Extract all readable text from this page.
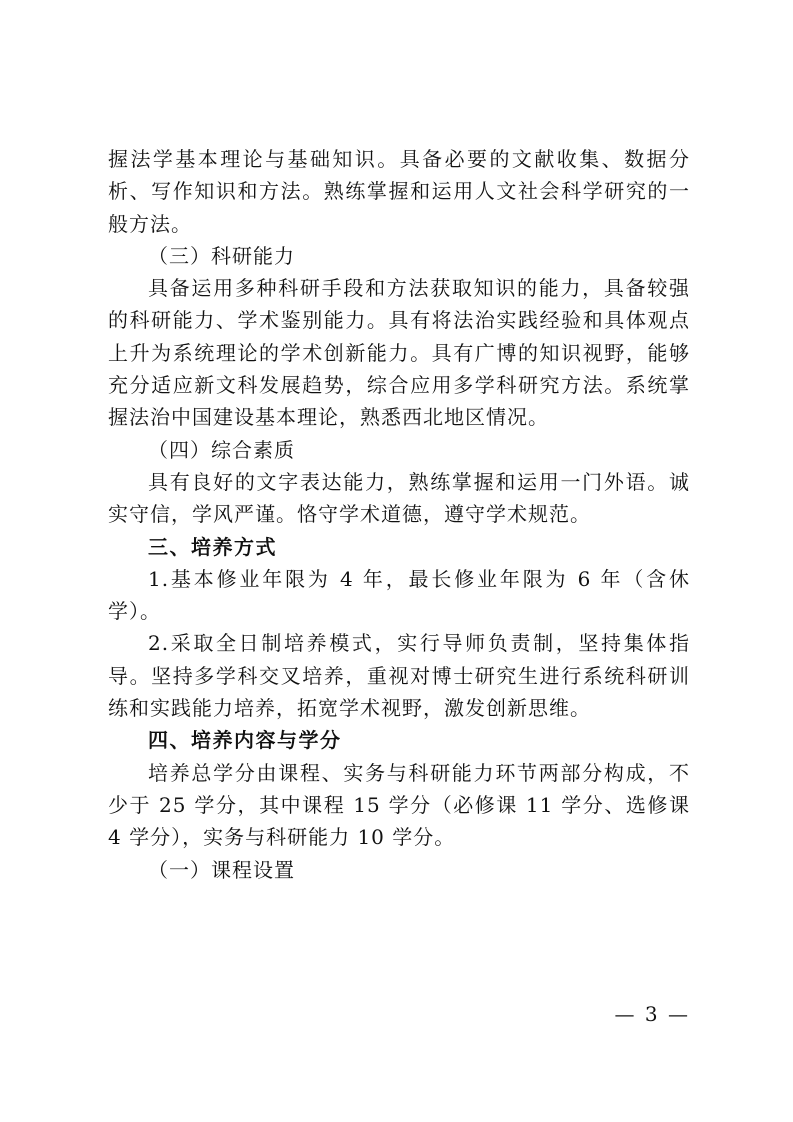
握法学基本理论与基础知识。具备必要的文献收集、数据分析、写作知识和方法。熟练掌握和运用人文社会科学研究的一般方法。

（三）科研能力

具备运用多种科研手段和方法获取知识的能力，具备较强的科研能力、学术鉴别能力。具有将法治实践经验和具体观点上升为系统理论的学术创新能力。具有广博的知识视野，能够充分适应新文科发展趋势，综合应用多学科研究方法。系统掌握法治中国建设基本理论，熟悉西北地区情况。

（四）综合素质

具有良好的文字表达能力，熟练掌握和运用一门外语。诚实守信，学风严谨。恪守学术道德，遵守学术规范。

三、培养方式

1.基本修业年限为 4 年，最长修业年限为 6 年（含休学）。

2.采取全日制培养模式，实行导师负责制，坚持集体指导。坚持多学科交叉培养，重视对博士研究生进行系统科研训练和实践能力培养，拓宽学术视野，激发创新思维。

四、培养内容与学分

培养总学分由课程、实务与科研能力环节两部分构成，不少于 25 学分，其中课程 15 学分（必修课 11 学分、选修课 4 学分），实务与科研能力 10 学分。

（一）课程设置

— 3 —
